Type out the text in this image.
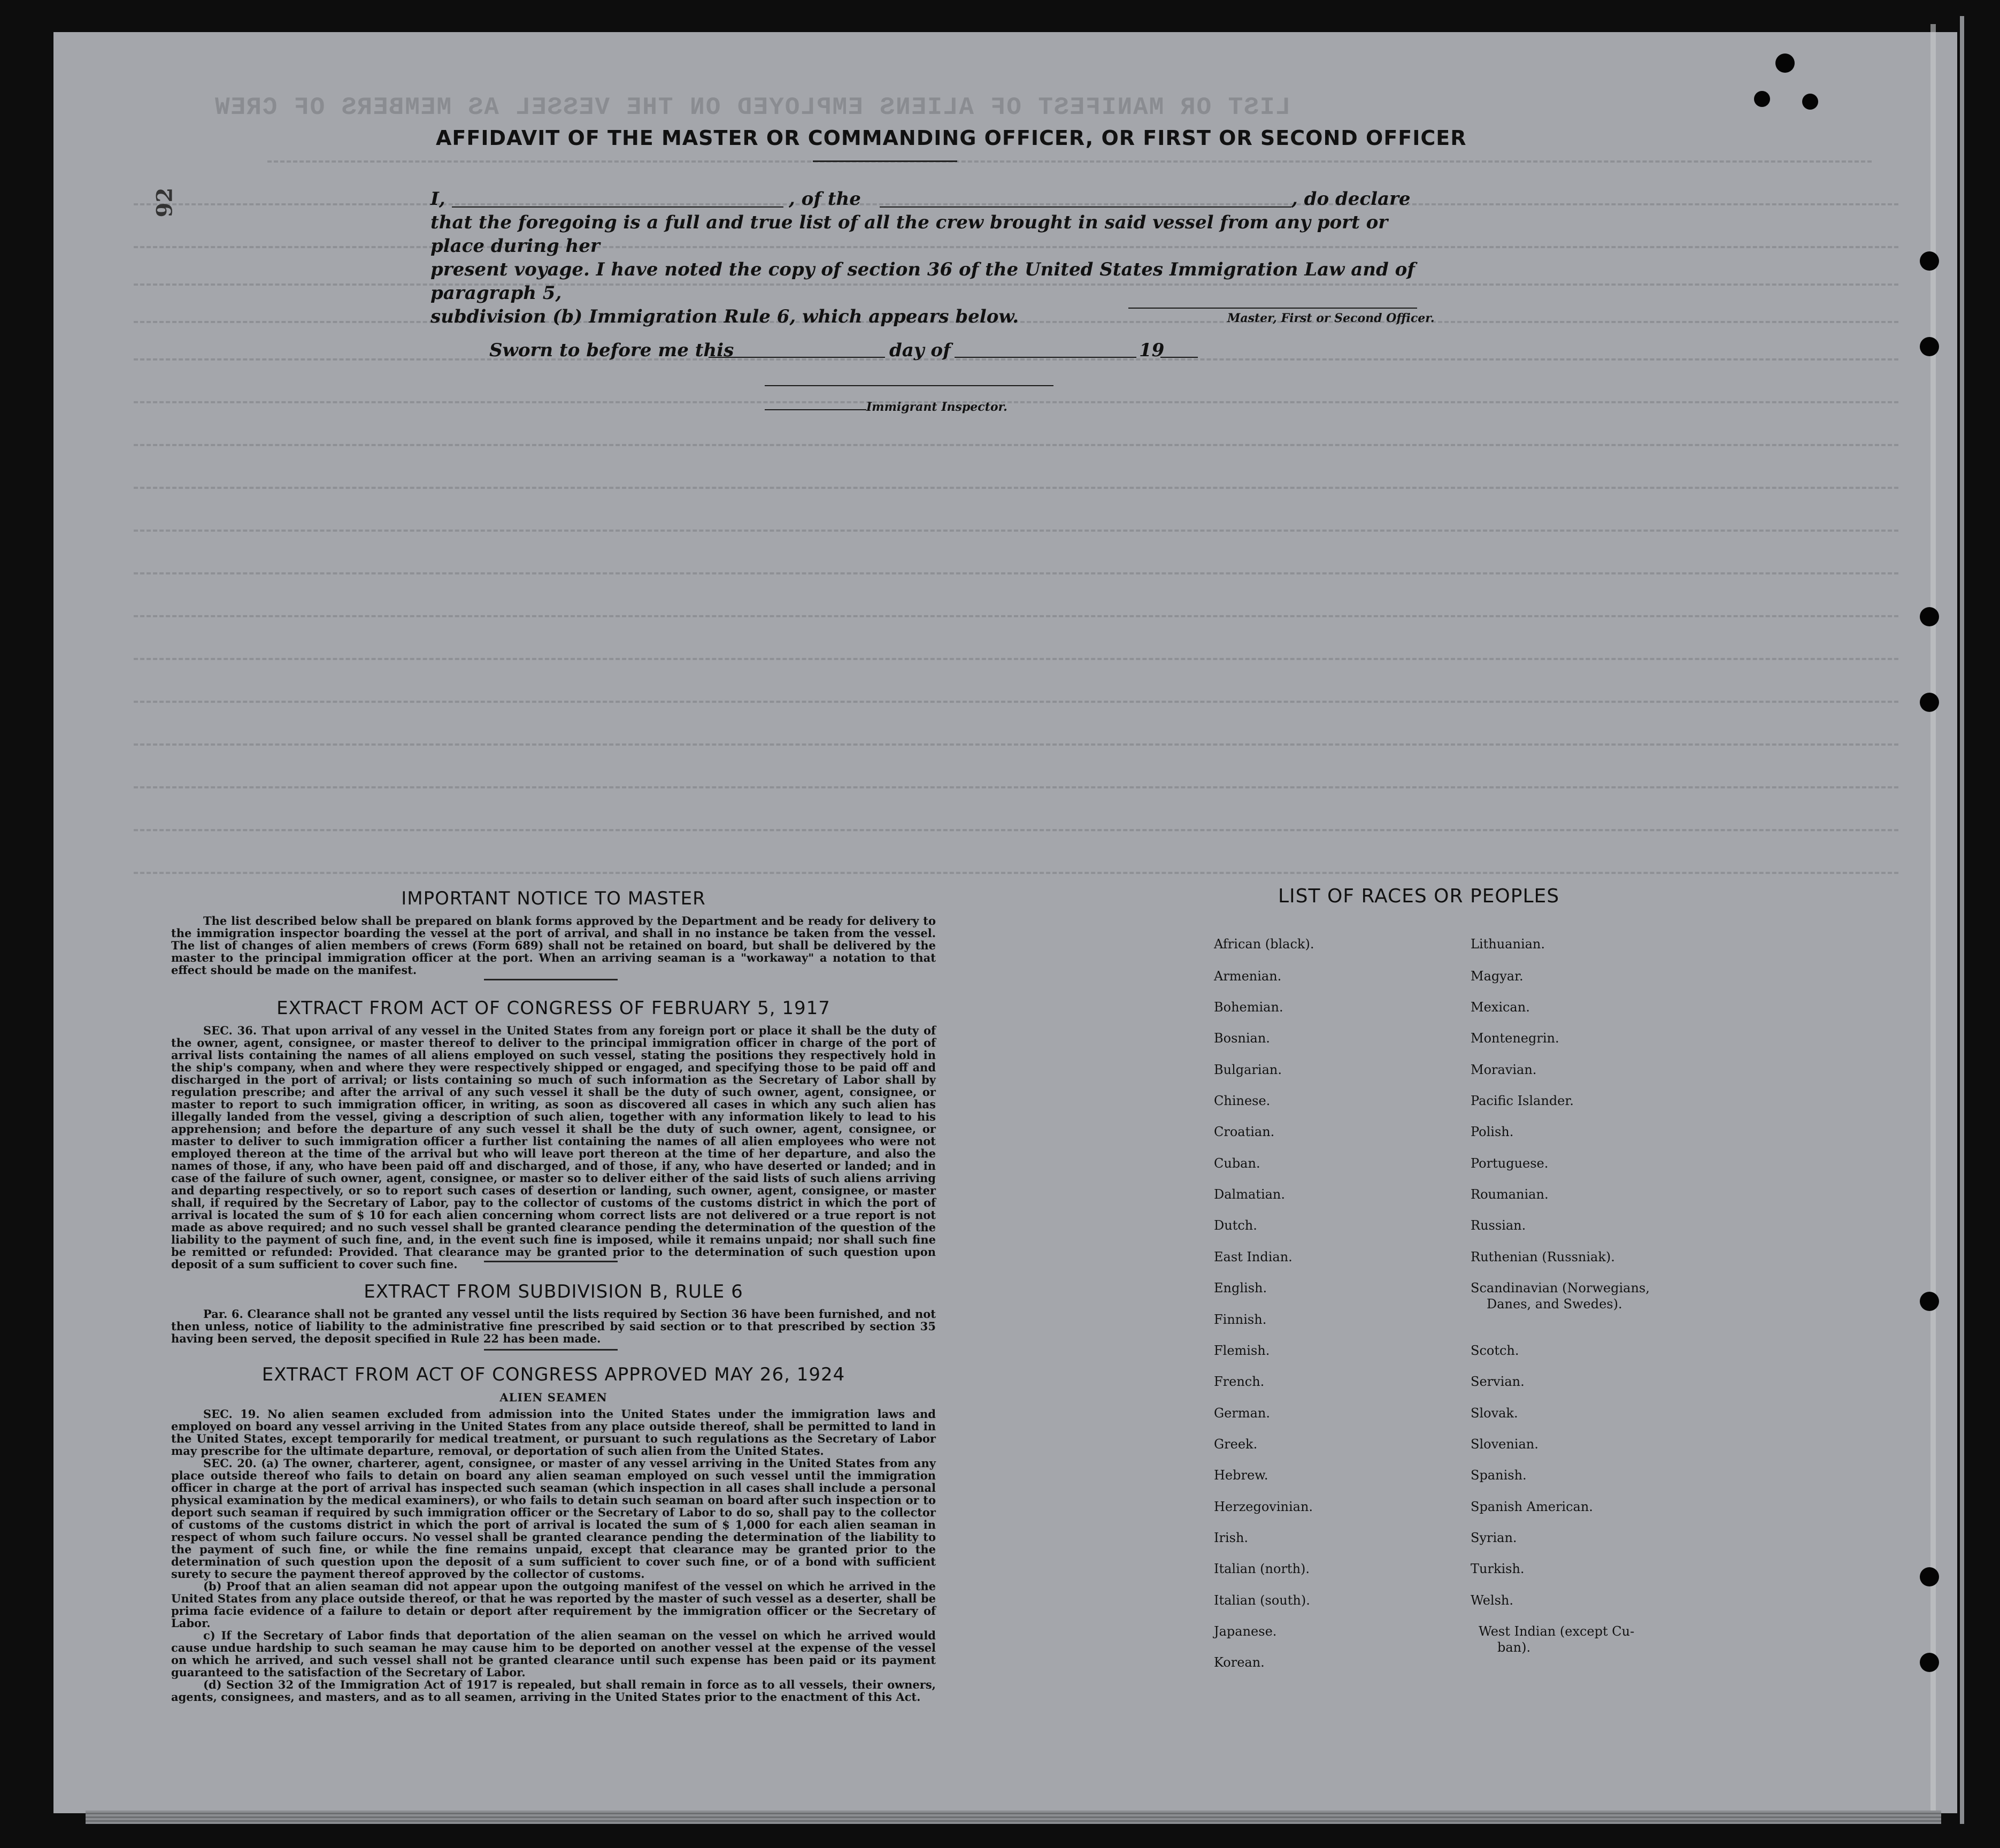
LIST OR MANIFEST OF ALIENS EMPLOYED ON THE VESSEL AS MEMBERS OF CREW
92
AFFIDAVIT OF THE MASTER OR COMMANDING OFFICER, OR FIRST OR SECOND OFFICER
I,	, of the	, do declare
that the foregoing is a full and true list of all the crew brought in said vessel from any port or place during her
present voyage. I have noted the copy of section 36 of the United States Immigration Law and of paragraph 5,
subdivision (b) Immigration Rule 6, which appears below.	Master, First or Second Officer.
Sworn to before me this	day of	19
Immigrant Inspector.
IMPORTANT NOTICE TO MASTER

The list described below shall be prepared on blank forms approved by the Department and be ready for delivery to the immigration inspector boarding the vessel at the port of arrival, and shall in no instance be taken from the vessel. The list of changes of alien members of crews (Form 689) shall not be retained on board, but shall be delivered by the master to the principal immigration officer at the port. When an arriving seaman is a "workaway" a notation to that effect should be made on the manifest.

EXTRACT FROM ACT OF CONGRESS OF FEBRUARY 5, 1917

SEC. 36. That upon arrival of any vessel in the United States from any foreign port or place it shall be the duty of the owner, agent, consignee, or master thereof to deliver to the principal immigration officer in charge of the port of arrival lists containing the names of all aliens employed on such vessel, stating the positions they respectively hold in the ship's company, when and where they were respectively shipped or engaged, and specifying those to be paid off and discharged in the port of arrival; or lists containing so much of such information as the Secretary of Labor shall by regulation prescribe; and after the arrival of any such vessel it shall be the duty of such owner, agent, consignee, or master to report to such immigration officer, in writing, as soon as discovered all cases in which any such alien has illegally landed from the vessel, giving a description of such alien, together with any information likely to lead to his apprehension; and before the departure of any such vessel it shall be the duty of such owner, agent, consignee, or master to deliver to such immigration officer a further list containing the names of all alien employees who were not employed thereon at the time of the arrival but who will leave port thereon at the time of her departure, and also the names of those, if any, who have been paid off and discharged, and of those, if any, who have deserted or landed; and in case of the failure of such owner, agent, consignee, or master so to deliver either of the said lists of such aliens arriving and departing respectively, or so to report such cases of desertion or landing, such owner, agent, consignee, or master shall, if required by the Secretary of Labor, pay to the collector of customs of the customs district in which the port of arrival is located the sum of $ 10 for each alien concerning whom correct lists are not delivered or a true report is not made as above required; and no such vessel shall be granted clearance pending the determination of the question of the liability to the payment of such fine, and, in the event such fine is imposed, while it remains unpaid; nor shall such fine be remitted or refunded: Provided. That clearance may be granted prior to the determination of such question upon deposit of a sum sufficient to cover such fine.

EXTRACT FROM SUBDIVISION B, RULE 6

Par. 6. Clearance shall not be granted any vessel until the lists required by Section 36 have been furnished, and not then unless, notice of liability to the administrative fine prescribed by said section or to that prescribed by section 35 having been served, the deposit specified in Rule 22 has been made.

EXTRACT FROM ACT OF CONGRESS APPROVED MAY 26, 1924
ALIEN SEAMEN

SEC. 19. No alien seamen excluded from admission into the United States under the immigration laws and employed on board any vessel arriving in the United States from any place outside thereof, shall be permitted to land in the United States, except temporarily for medical treatment, or pursuant to such regulations as the Secretary of Labor may prescribe for the ultimate departure, removal, or deportation of such alien from the United States.

SEC. 20. (a) The owner, charterer, agent, consignee, or master of any vessel arriving in the United States from any place outside thereof who fails to detain on board any alien seaman employed on such vessel until the immigration officer in charge at the port of arrival has inspected such seaman (which inspection in all cases shall include a personal physical examination by the medical examiners), or who fails to detain such seaman on board after such inspection or to deport such seaman if required by such immigration officer or the Secretary of Labor to do so, shall pay to the collector of customs of the customs district in which the port of arrival is located the sum of $ 1,000 for each alien seaman in respect of whom such failure occurs. No vessel shall be granted clearance pending the determination of the liability to the payment of such fine, or while the fine remains unpaid, except that clearance may be granted prior to the determination of such question upon the deposit of a sum sufficient to cover such fine, or of a bond with sufficient surety to secure the payment thereof approved by the collector of customs.

(b) Proof that an alien seaman did not appear upon the outgoing manifest of the vessel on which he arrived in the United States from any place outside thereof, or that he was reported by the master of such vessel as a deserter, shall be prima facie evidence of a failure to detain or deport after requirement by the immigration officer or the Secretary of Labor.

c) If the Secretary of Labor finds that deportation of the alien seaman on the vessel on which he arrived would cause undue hardship to such seaman he may cause him to be deported on another vessel at the expense of the vessel on which he arrived, and such vessel shall not be granted clearance until such expense has been paid or its payment guaranteed to the satisfaction of the Secretary of Labor.

(d) Section 32 of the Immigration Act of 1917 is repealed, but shall remain in force as to all vessels, their owners, agents, consignees, and masters, and as to all seamen, arriving in the United States prior to the enactment of this Act.

LIST OF RACES OR PEOPLES
African (black).
Armenian.
Bohemian.
Bosnian.
Bulgarian.
Chinese.
Croatian.
Cuban.
Dalmatian.
Dutch.
East Indian.
English.
Finnish.
Flemish.
French.
German.
Greek.
Hebrew.
Herzegovinian.
Irish.
Italian (north).
Italian (south).
Japanese.
Korean.
Lithuanian.
Magyar.
Mexican.
Montenegrin.
Moravian.
Pacific Islander.
Polish.
Portuguese.
Roumanian.
Russian.
Ruthenian (Russniak).
Scandinavian (Norwegians,
Danes, and Swedes).
Scotch.
Servian.
Slovak.
Slovenian.
Spanish.
Spanish American.
Syrian.
Turkish.
Welsh.
West Indian (except Cu-
ban).
